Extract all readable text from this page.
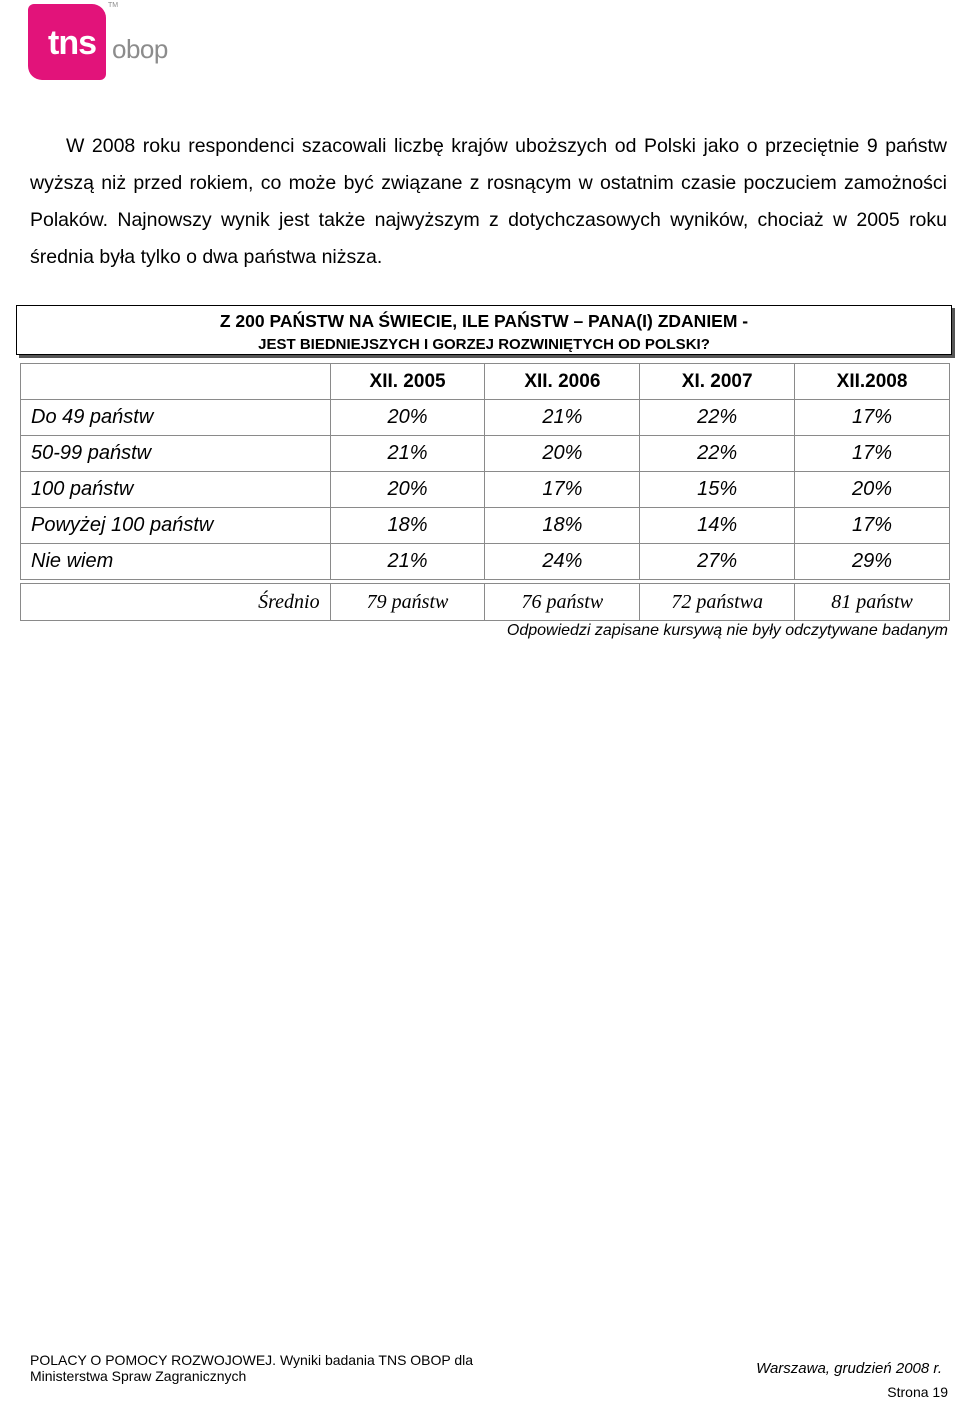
tns
TM
obop

W 2008 roku respondenci szacowali liczbę krajów uboższych od Polski jako o przeciętnie 9 państw wyższą niż przed rokiem, co może być związane z rosnącym w ostatnim czasie poczuciem zamożności Polaków. Najnowszy wynik jest także najwyższym z dotychczasowych wyników, chociaż w 2005 roku średnia była tylko o dwa państwa niższa.

Z 200 PAŃSTW NA ŚWIECIE, ILE PAŃSTW – PANA(I) ZDANIEM -
JEST BIEDNIEJSZYCH I GORZEJ ROZWINIĘTYCH OD POLSKI?
	XII. 2005	XII. 2006	XI. 2007	XII.2008
Do 49 państw	20%	21%	22%	17%
50-99 państw	21%	20%	22%	17%
100 państw	20%	17%	15%	20%
Powyżej 100 państw	18%	18%	14%	17%
Nie wiem	21%	24%	27%	29%
Średnio	79 państw	76 państw	72 państwa	81 państw
Odpowiedzi zapisane kursywą nie były odczytywane badanym
POLACY O POMOCY ROZWOJOWEJ. Wyniki badania TNS OBOP dla
Ministerstwa Spraw Zagranicznych	Warszawa, grudzień 2008 r.
Strona 19
